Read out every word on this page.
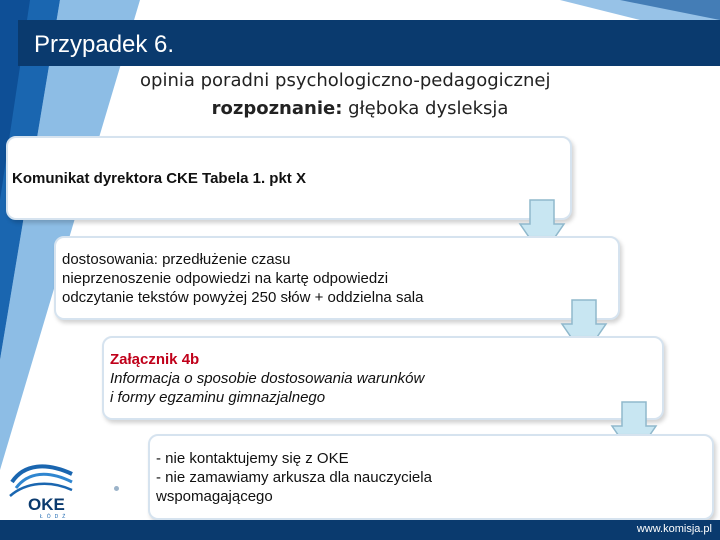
Przypadek 6.
opinia poradni psychologiczno-pedagogicznej
rozpoznanie: głęboka dysleksja
Komunikat dyrektora CKE Tabela 1. pkt X
dostosowania: przedłużenie czasu
nieprzenoszenie odpowiedzi na kartę odpowiedzi
odczytanie tekstów powyżej 250 słów + oddzielna sala
Załącznik 4b
Informacja o sposobie dostosowania warunków
i formy egzaminu gimnazjalnego
- nie kontaktujemy się z OKE
- nie zamawiamy arkusza dla nauczyciela
wspomagającego
OKE
ŁÓDŹ
www.komisja.pl
